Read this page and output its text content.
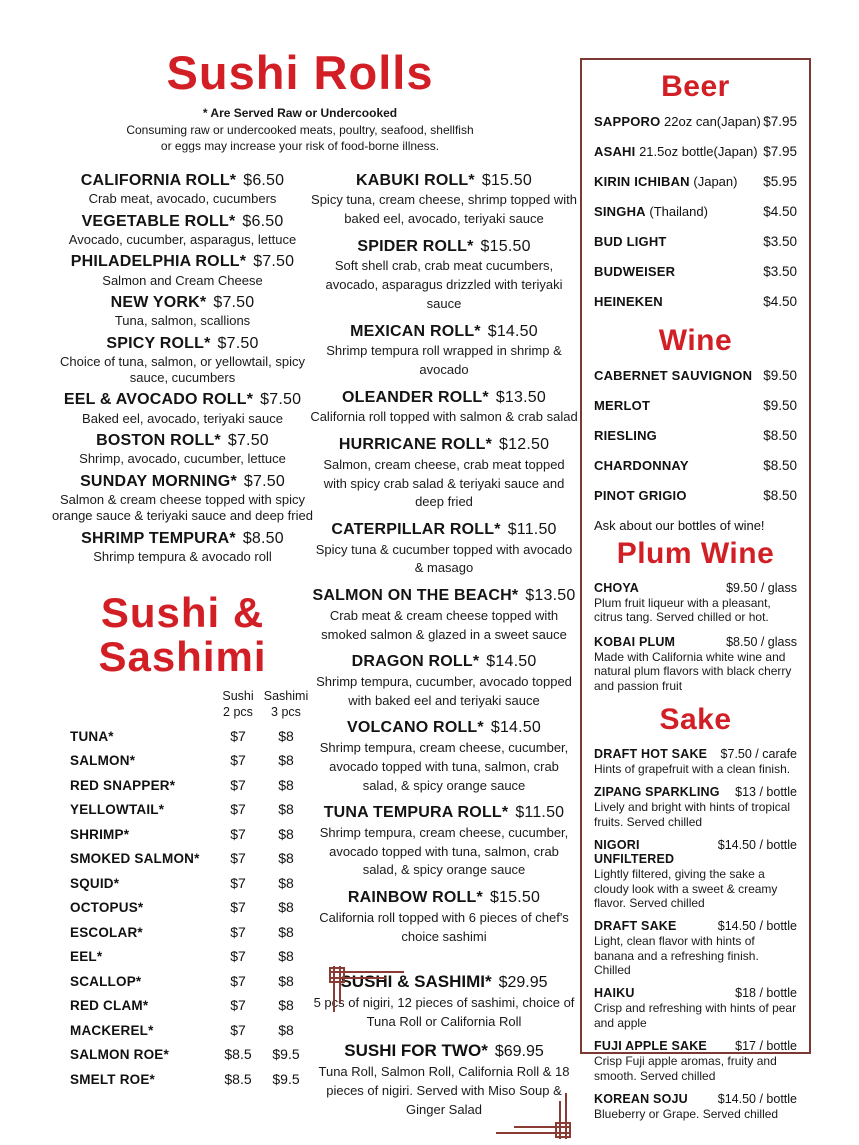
Sushi Rolls
* Are Served Raw or Undercooked
Consuming raw or undercooked meats, poultry, seafood, shellfish
or eggs may increase your risk of food-borne illness.
CALIFORNIA ROLL* $6.50
Crab meat, avocado, cucumbers
VEGETABLE ROLL* $6.50
Avocado, cucumber, asparagus, lettuce
PHILADELPHIA ROLL* $7.50
Salmon and Cream Cheese
NEW YORK* $7.50
Tuna, salmon, scallions
SPICY ROLL* $7.50
Choice of tuna, salmon, or yellowtail, spicy sauce, cucumbers
EEL & AVOCADO ROLL* $7.50
Baked eel, avocado, teriyaki sauce
BOSTON ROLL* $7.50
Shrimp, avocado, cucumber, lettuce
SUNDAY MORNING* $7.50
Salmon & cream cheese topped with spicy orange sauce & teriyaki sauce and deep fried
SHRIMP TEMPURA* $8.50
Shrimp tempura & avocado roll
Sushi &
Sashimi
Sushi
2 pcs
Sashimi
3 pcs
TUNA*	$7	$8
SALMON*	$7	$8
RED SNAPPER*	$7	$8
YELLOWTAIL*	$7	$8
SHRIMP*	$7	$8
SMOKED SALMON*	$7	$8
SQUID*	$7	$8
OCTOPUS*	$7	$8
ESCOLAR*	$7	$8
EEL*	$7	$8
SCALLOP*	$7	$8
RED CLAM*	$7	$8
MACKEREL*	$7	$8
SALMON ROE*	$8.5	$9.5
SMELT ROE*	$8.5	$9.5
KABUKI ROLL* $15.50
Spicy tuna, cream cheese, shrimp topped with baked eel, avocado, teriyaki sauce
SPIDER ROLL* $15.50
Soft shell crab, crab meat cucumbers, avocado, asparagus drizzled with teriyaki sauce
MEXICAN ROLL* $14.50
Shrimp tempura roll wrapped in shrimp & avocado
OLEANDER ROLL* $13.50
California roll topped with salmon & crab salad
HURRICANE ROLL* $12.50
Salmon, cream cheese, crab meat topped with spicy crab salad & teriyaki sauce and deep fried
CATERPILLAR ROLL* $11.50
Spicy tuna & cucumber topped with avocado & masago
SALMON ON THE BEACH* $13.50
Crab meat & cream cheese topped with smoked salmon & glazed in a sweet sauce
DRAGON ROLL* $14.50
Shrimp tempura, cucumber, avocado topped with baked eel and teriyaki sauce
VOLCANO ROLL* $14.50
Shrimp tempura, cream cheese, cucumber, avocado topped with tuna, salmon, crab salad, & spicy orange sauce
TUNA TEMPURA ROLL* $11.50
Shrimp tempura, cream cheese, cucumber, avocado topped with tuna, salmon, crab salad, & spicy orange sauce
RAINBOW ROLL* $15.50
California roll topped with 6 pieces of chef's choice sashimi
SUSHI & SASHIMI* $29.95
5 pcs of nigiri, 12 pieces of sashimi, choice of Tuna Roll or California Roll
SUSHI FOR TWO* $69.95
Tuna Roll, Salmon Roll, California Roll & 18 pieces of nigiri. Served with Miso Soup & Ginger Salad
Beer
SAPPORO 22oz can(Japan) $7.95
ASAHI 21.5oz bottle(Japan) $7.95
KIRIN ICHIBAN (Japan) $5.95
SINGHA (Thailand)	$4.50
BUD LIGHT	$3.50
BUDWEISER	$3.50
HEINEKEN	$4.50
Wine
CABERNET SAUVIGNON $9.50
MERLOT	$9.50
RIESLING	$8.50
CHARDONNAY	$8.50
PINOT GRIGIO	$8.50
Ask about our bottles of wine!
Plum Wine
CHOYA	$9.50 / glass
Plum fruit liqueur with a pleasant, citrus tang. Served chilled or hot.
KOBAI PLUM	$8.50 / glass
Made with California white wine and natural plum flavors with black cherry and passion fruit
Sake
DRAFT HOT SAKE $7.50 / carafe
Hints of grapefruit with a clean finish.
ZIPANG SPARKLING $13 / bottle
Lively and bright with hints of tropical fruits. Served chilled
NIGORI UNFILTERED
$14.50 / bottle
Lightly filtered, giving the sake a cloudy look with a sweet & creamy flavor. Served chilled
DRAFT SAKE	$14.50 / bottle
Light, clean flavor with hints of banana and a refreshing finish. Chilled
HAIKU	$18 / bottle
Crisp and refreshing with hints of pear and apple
FUJI APPLE SAKE $17 / bottle
Crisp Fuji apple aromas, fruity and smooth. Served chilled
KOREAN SOJU $14.50 / bottle
Blueberry or Grape. Served chilled
